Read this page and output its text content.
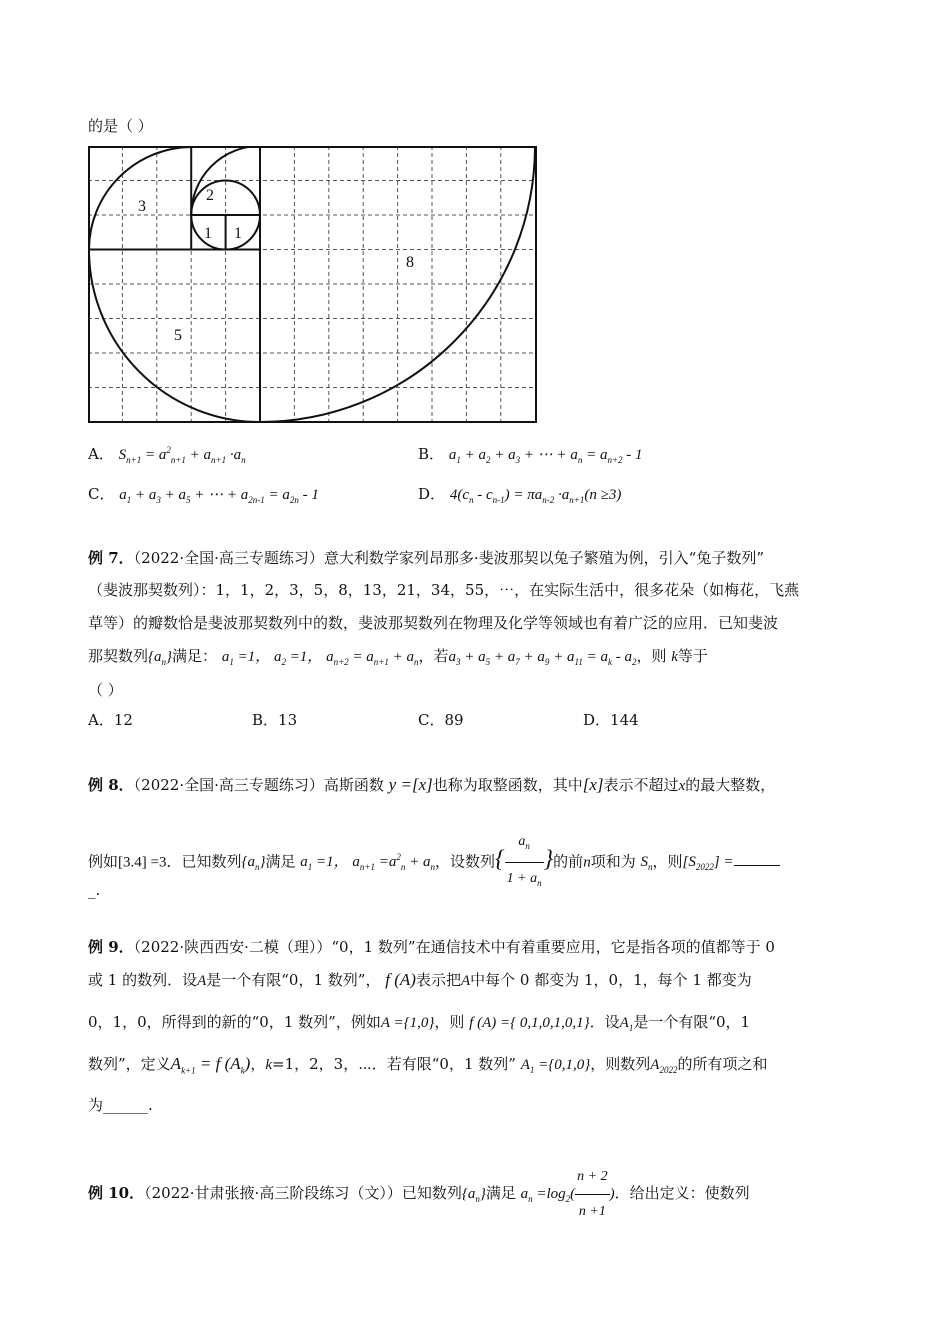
的是（ ）
3
2
1 1
8
5
A． $S_{n+1} = a^2_{n+1} + a_{n+1} \cdot a_n$	B． $a_1 + a_2 + a_3$ + ⋯ + $a_n = a_{n+2} - 1$
C． $a_1 + a_3 + a_5$ + ⋯ + $a_{2n-1} = a_{2n} - 1$	D． $4(c_n - c_{n-1}) = \pi a_{n-2} \cdot a_{n+1}(n \ge 3)$
例 7．（2022·全国·高三专题练习）意大利数学家列昂那多·斐波那契以兔子繁殖为例，引入“兔子数列”
（斐波那契数列）：1，1，2，3，5，8，13，21，34，55，⋯，在实际生活中，很多花朵（如梅花，飞燕
草等）的瓣数恰是斐波那契数列中的数，斐波那契数列在物理及化学等领域也有着广泛的应用．已知斐波
那契数列$\{a_n\}$满足： $a_1 =1$， $a_2 =1$， $a_{n+2} = a_{n+1} + a_n$，若$a_3 + a_5 + a_7 + a_9 + a_{11} = a_k - a_2$，则 k等于
（ ）
A．12	B．13	C．89	D．144
例 8．（2022·全国·高三专题练习）高斯函数 y =[x]也称为取整函数，其中[x]表示不超过x的最大整数，
例如[3.4] =3．已知数列$\{a_n\}$满足 $a_1 =1$， $a_{n+1} =a^2_n + a_n$，设数列{ $\frac{a_n}{1 + a_n}$ }的前n项和为 $S_n$，则$[S_{2022}]$ =
_.
例 9．（2022·陕西西安·二模（理））“0，1 数列”在通信技术中有着重要应用，它是指各项的值都等于 0
或 1 的数列．设A是一个有限“0，1 数列”， f (A)表示把A中每个 0 都变为 1，0，1，每个 1 都变为
0，1，0，所得到的新的“0，1 数列”，例如A ={1,0}，则 f (A) ={ 0,1,0,1,0,1}．设$A_1$是一个有限“0，1
数列”，定义$A_{k+1} = f$ $(A_k)$，k=1，2，3，⋯．若有限“0，1 数列” $A_1 =\{0,1,0\}$，则数列$A_{2022}$的所有项之和
为______.
例 10．（2022·甘肃张掖·高三阶段练习（文））已知数列$\{a_n\}$满足 $a_n =\log_2( \frac{n + 2}{n +1}$ )．给出定义：使数列
